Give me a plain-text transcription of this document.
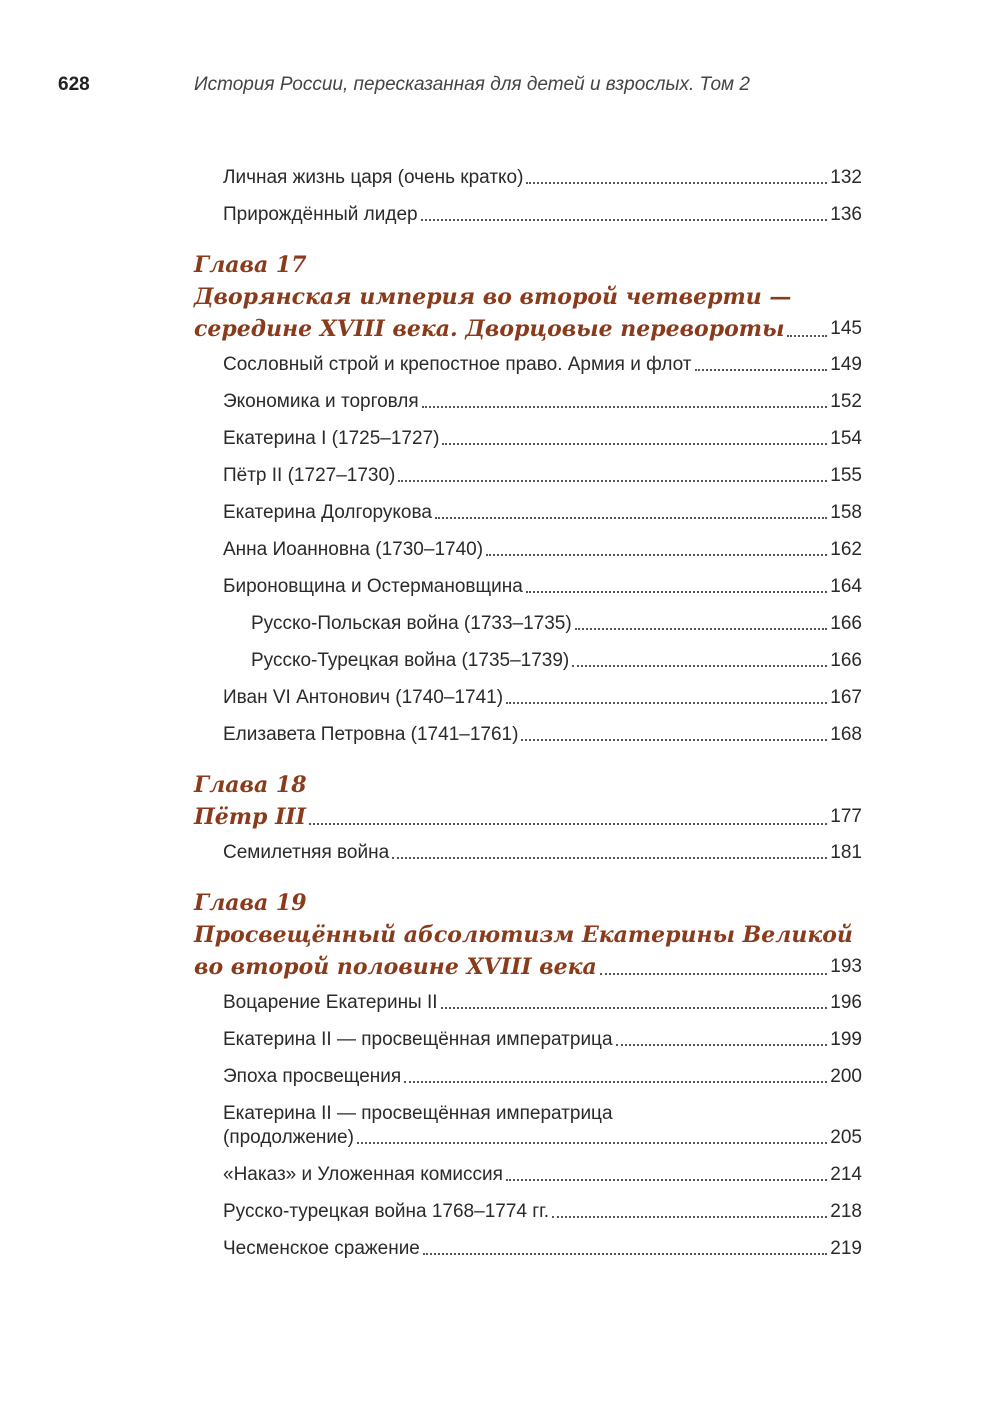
628	История России, пересказанная для детей и взрослых. Том 2
Личная жизнь царя (очень кратко)	132
Прирождённый лидер	136
Глава 17
Дворянская империя во второй четверти —
середине XVIII века. Дворцовые перевороты 145
Сословный строй и крепостное право. Армия и флот	149
Экономика и торговля	152
Екатерина I (1725–1727)	154
Пётр II (1727–1730)	155
Екатерина Долгорукова	158
Анна Иоанновна (1730–1740)	162
Бироновщина и Остермановщина	164
Русско-Польская война (1733–1735)	166
Русско-Турецкая война (1735–1739)	166
Иван VI Антонович (1740–1741)	167
Елизавета Петровна (1741–1761)	168
Глава 18
Пётр III	177
Семилетняя война	181
Глава 19
Просвещённый абсолютизм Екатерины Великой
во второй половине XVIII века	193
Воцарение Екатерины II	196
Екатерина II — просвещённая императрица	199
Эпоха просвещения	200
Екатерина II — просвещённая императрица
(продолжение)	205
«Наказ» и Уложенная комиссия	214
Русско-турецкая война 1768–1774 гг.	218
Чесменское сражение	219
